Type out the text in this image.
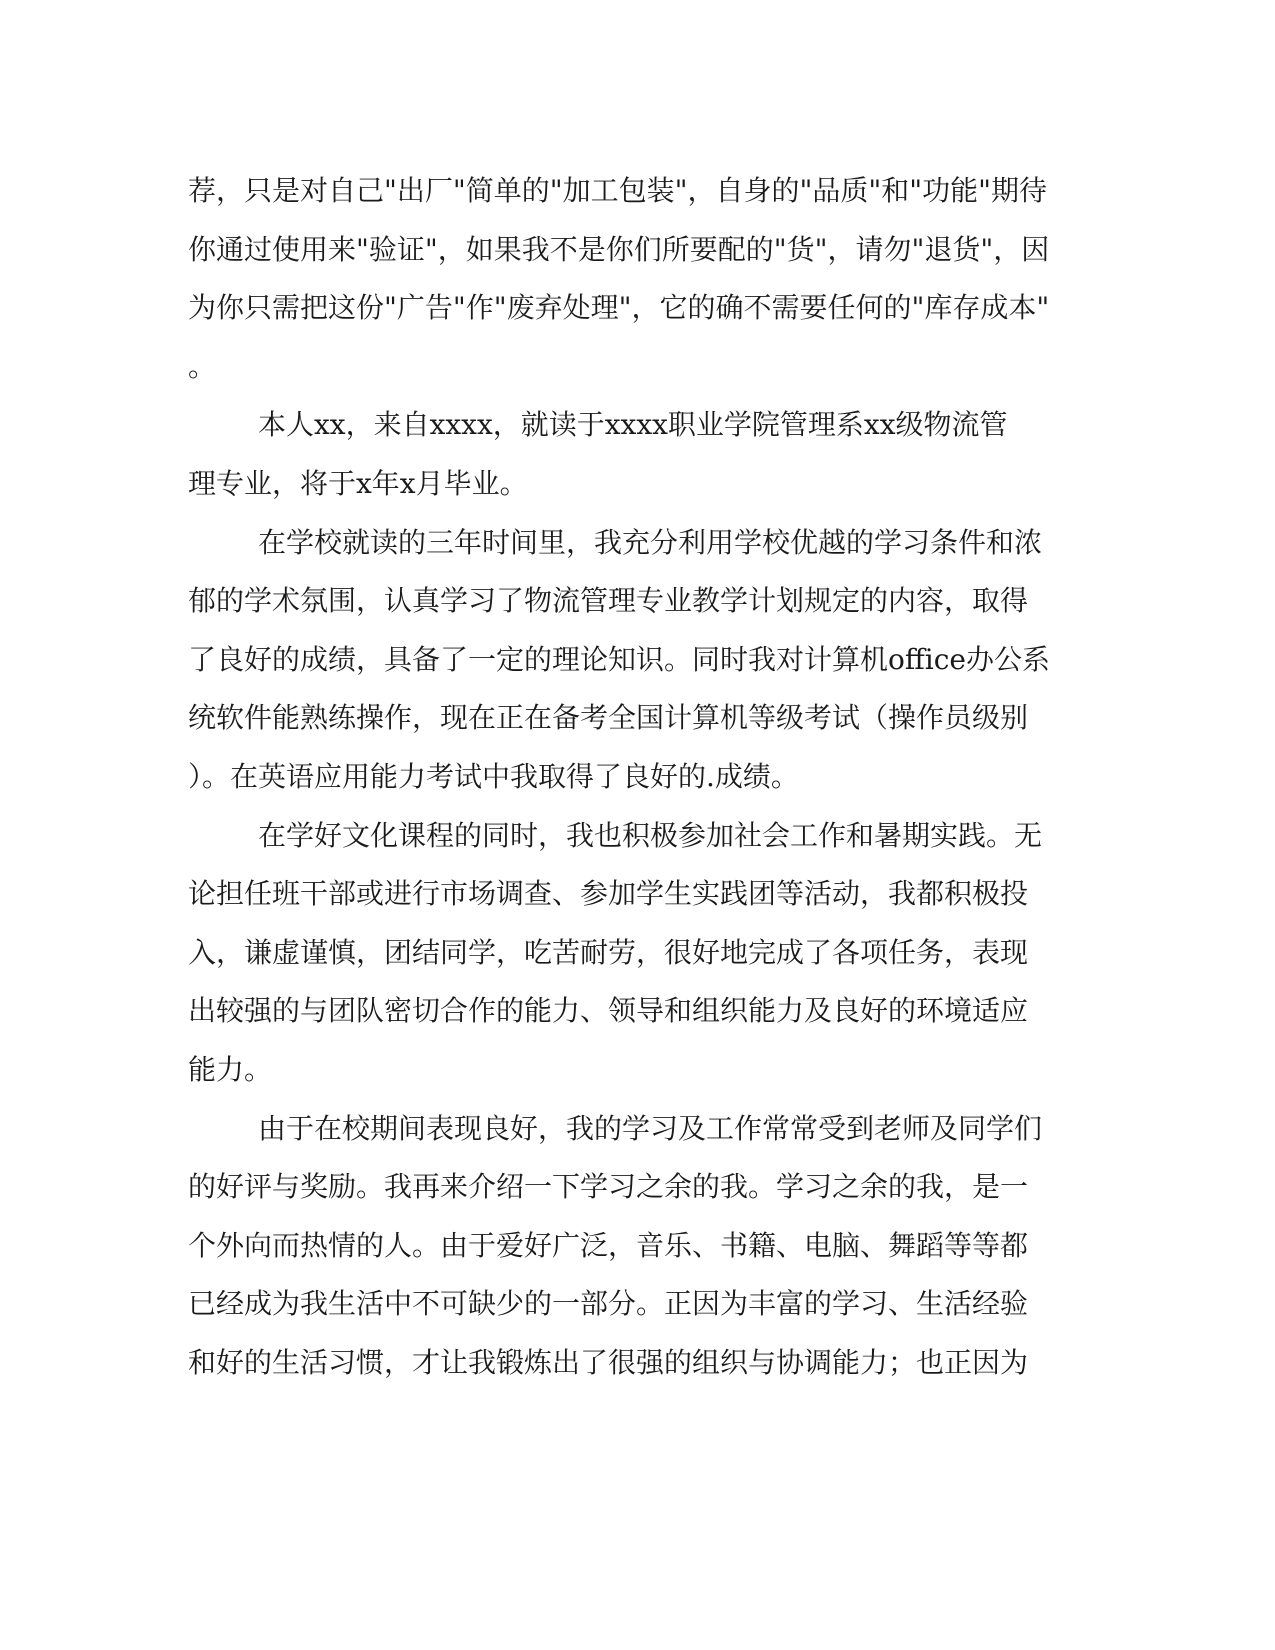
荐，只是对自己"出厂"简单的"加工包装"，自身的"品质"和"功能"期待
你通过使用来"验证"，如果我不是你们所要配的"货"，请勿"退货"，因
为你只需把这份"广告"作"废弃处理"，它的确不需要任何的"库存成本"
。
本人xx，来自xxxx，就读于xxxx职业学院管理系xx级物流管
理专业，将于x年x月毕业。
在学校就读的三年时间里，我充分利用学校优越的学习条件和浓
郁的学术氛围，认真学习了物流管理专业教学计划规定的内容，取得
了良好的成绩，具备了一定的理论知识。同时我对计算机office办公系
统软件能熟练操作，现在正在备考全国计算机等级考试（操作员级别
）。在英语应用能力考试中我取得了良好的.成绩。
在学好文化课程的同时，我也积极参加社会工作和暑期实践。无
论担任班干部或进行市场调查、参加学生实践团等活动，我都积极投
入，谦虚谨慎，团结同学，吃苦耐劳，很好地完成了各项任务，表现
出较强的与团队密切合作的能力、领导和组织能力及良好的环境适应
能力。
由于在校期间表现良好，我的学习及工作常常受到老师及同学们
的好评与奖励。我再来介绍一下学习之余的我。学习之余的我，是一
个外向而热情的人。由于爱好广泛，音乐、书籍、电脑、舞蹈等等都
已经成为我生活中不可缺少的一部分。正因为丰富的学习、生活经验
和好的生活习惯，才让我锻炼出了很强的组织与协调能力；也正因为
